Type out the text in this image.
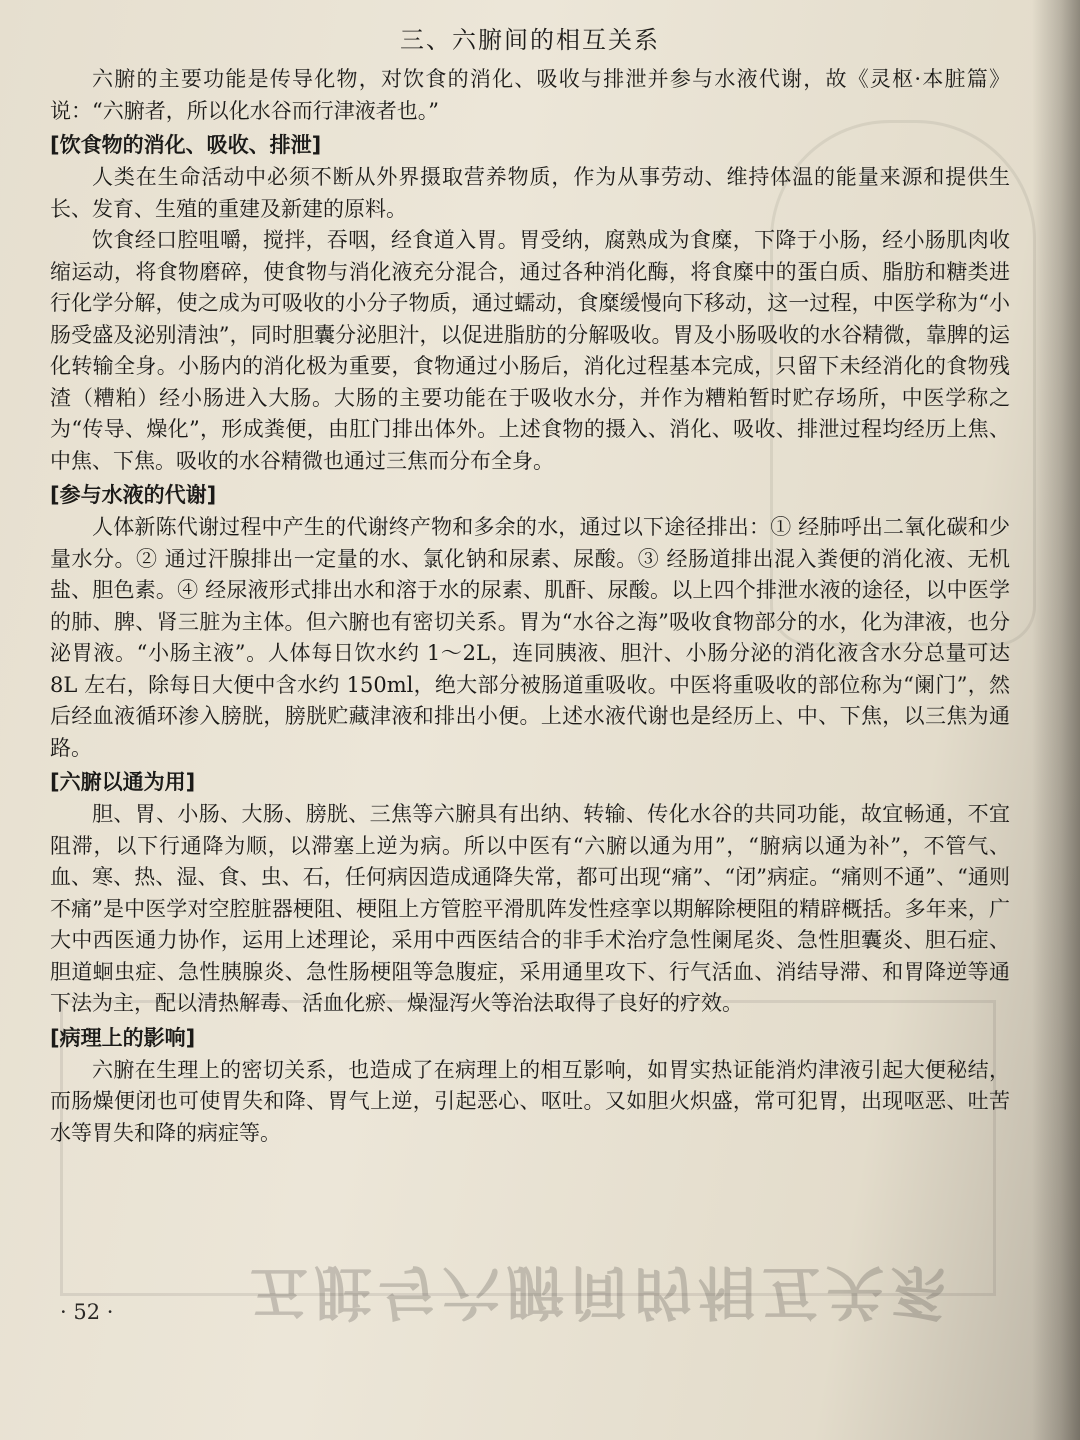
五脏与六腑间的相互关系
三、六腑间的相互关系

六腑的主要功能是传导化物，对饮食的消化、吸收与排泄并参与水液代谢，故《灵枢·本脏篇》说：“六腑者，所以化水谷而行津液者也。”

[饮食物的消化、吸收、排泄]

人类在生命活动中必须不断从外界摄取营养物质，作为从事劳动、维持体温的能量来源和提供生长、发育、生殖的重建及新建的原料。

饮食经口腔咀嚼，搅拌，吞咽，经食道入胃。胃受纳，腐熟成为食糜，下降于小肠，经小肠肌肉收缩运动，将食物磨碎，使食物与消化液充分混合，通过各种消化酶，将食糜中的蛋白质、脂肪和糖类进行化学分解，使之成为可吸收的小分子物质，通过蠕动，食糜缓慢向下移动，这一过程，中医学称为“小肠受盛及泌别清浊”，同时胆囊分泌胆汁，以促进脂肪的分解吸收。胃及小肠吸收的水谷精微，靠脾的运化转输全身。小肠内的消化极为重要，食物通过小肠后，消化过程基本完成，只留下未经消化的食物残渣（糟粕）经小肠进入大肠。大肠的主要功能在于吸收水分，并作为糟粕暂时贮存场所，中医学称之为“传导、燥化”，形成粪便，由肛门排出体外。上述食物的摄入、消化、吸收、排泄过程均经历上焦、中焦、下焦。吸收的水谷精微也通过三焦而分布全身。

[参与水液的代谢]

人体新陈代谢过程中产生的代谢终产物和多余的水，通过以下途径排出：① 经肺呼出二氧化碳和少量水分。② 通过汗腺排出一定量的水、氯化钠和尿素、尿酸。③ 经肠道排出混入粪便的消化液、无机盐、胆色素。④ 经尿液形式排出水和溶于水的尿素、肌酐、尿酸。以上四个排泄水液的途径，以中医学的肺、脾、肾三脏为主体。但六腑也有密切关系。胃为“水谷之海”吸收食物部分的水，化为津液，也分泌胃液。“小肠主液”。人体每日饮水约 1～2L，连同胰液、胆汁、小肠分泌的消化液含水分总量可达 8L 左右，除每日大便中含水约 150ml，绝大部分被肠道重吸收。中医将重吸收的部位称为“阑门”，然后经血液循环渗入膀胱，膀胱贮藏津液和排出小便。上述水液代谢也是经历上、中、下焦，以三焦为通路。

[六腑以通为用]

胆、胃、小肠、大肠、膀胱、三焦等六腑具有出纳、转输、传化水谷的共同功能，故宜畅通，不宜阻滞，以下行通降为顺，以滞塞上逆为病。所以中医有“六腑以通为用”，“腑病以通为补”，不管气、血、寒、热、湿、食、虫、石，任何病因造成通降失常，都可出现“痛”、“闭”病症。“痛则不通”、“通则不痛”是中医学对空腔脏器梗阻、梗阻上方管腔平滑肌阵发性痉挛以期解除梗阻的精辟概括。多年来，广大中西医通力协作，运用上述理论，采用中西医结合的非手术治疗急性阑尾炎、急性胆囊炎、胆石症、胆道蛔虫症、急性胰腺炎、急性肠梗阻等急腹症，采用通里攻下、行气活血、消结导滞、和胃降逆等通下法为主，配以清热解毒、活血化瘀、燥湿泻火等治法取得了良好的疗效。

[病理上的影响]

六腑在生理上的密切关系，也造成了在病理上的相互影响，如胃实热证能消灼津液引起大便秘结，而肠燥便闭也可使胃失和降、胃气上逆，引起恶心、呕吐。又如胆火炽盛，常可犯胃，出现呕恶、吐苦水等胃失和降的病症等。

· 52 ·
